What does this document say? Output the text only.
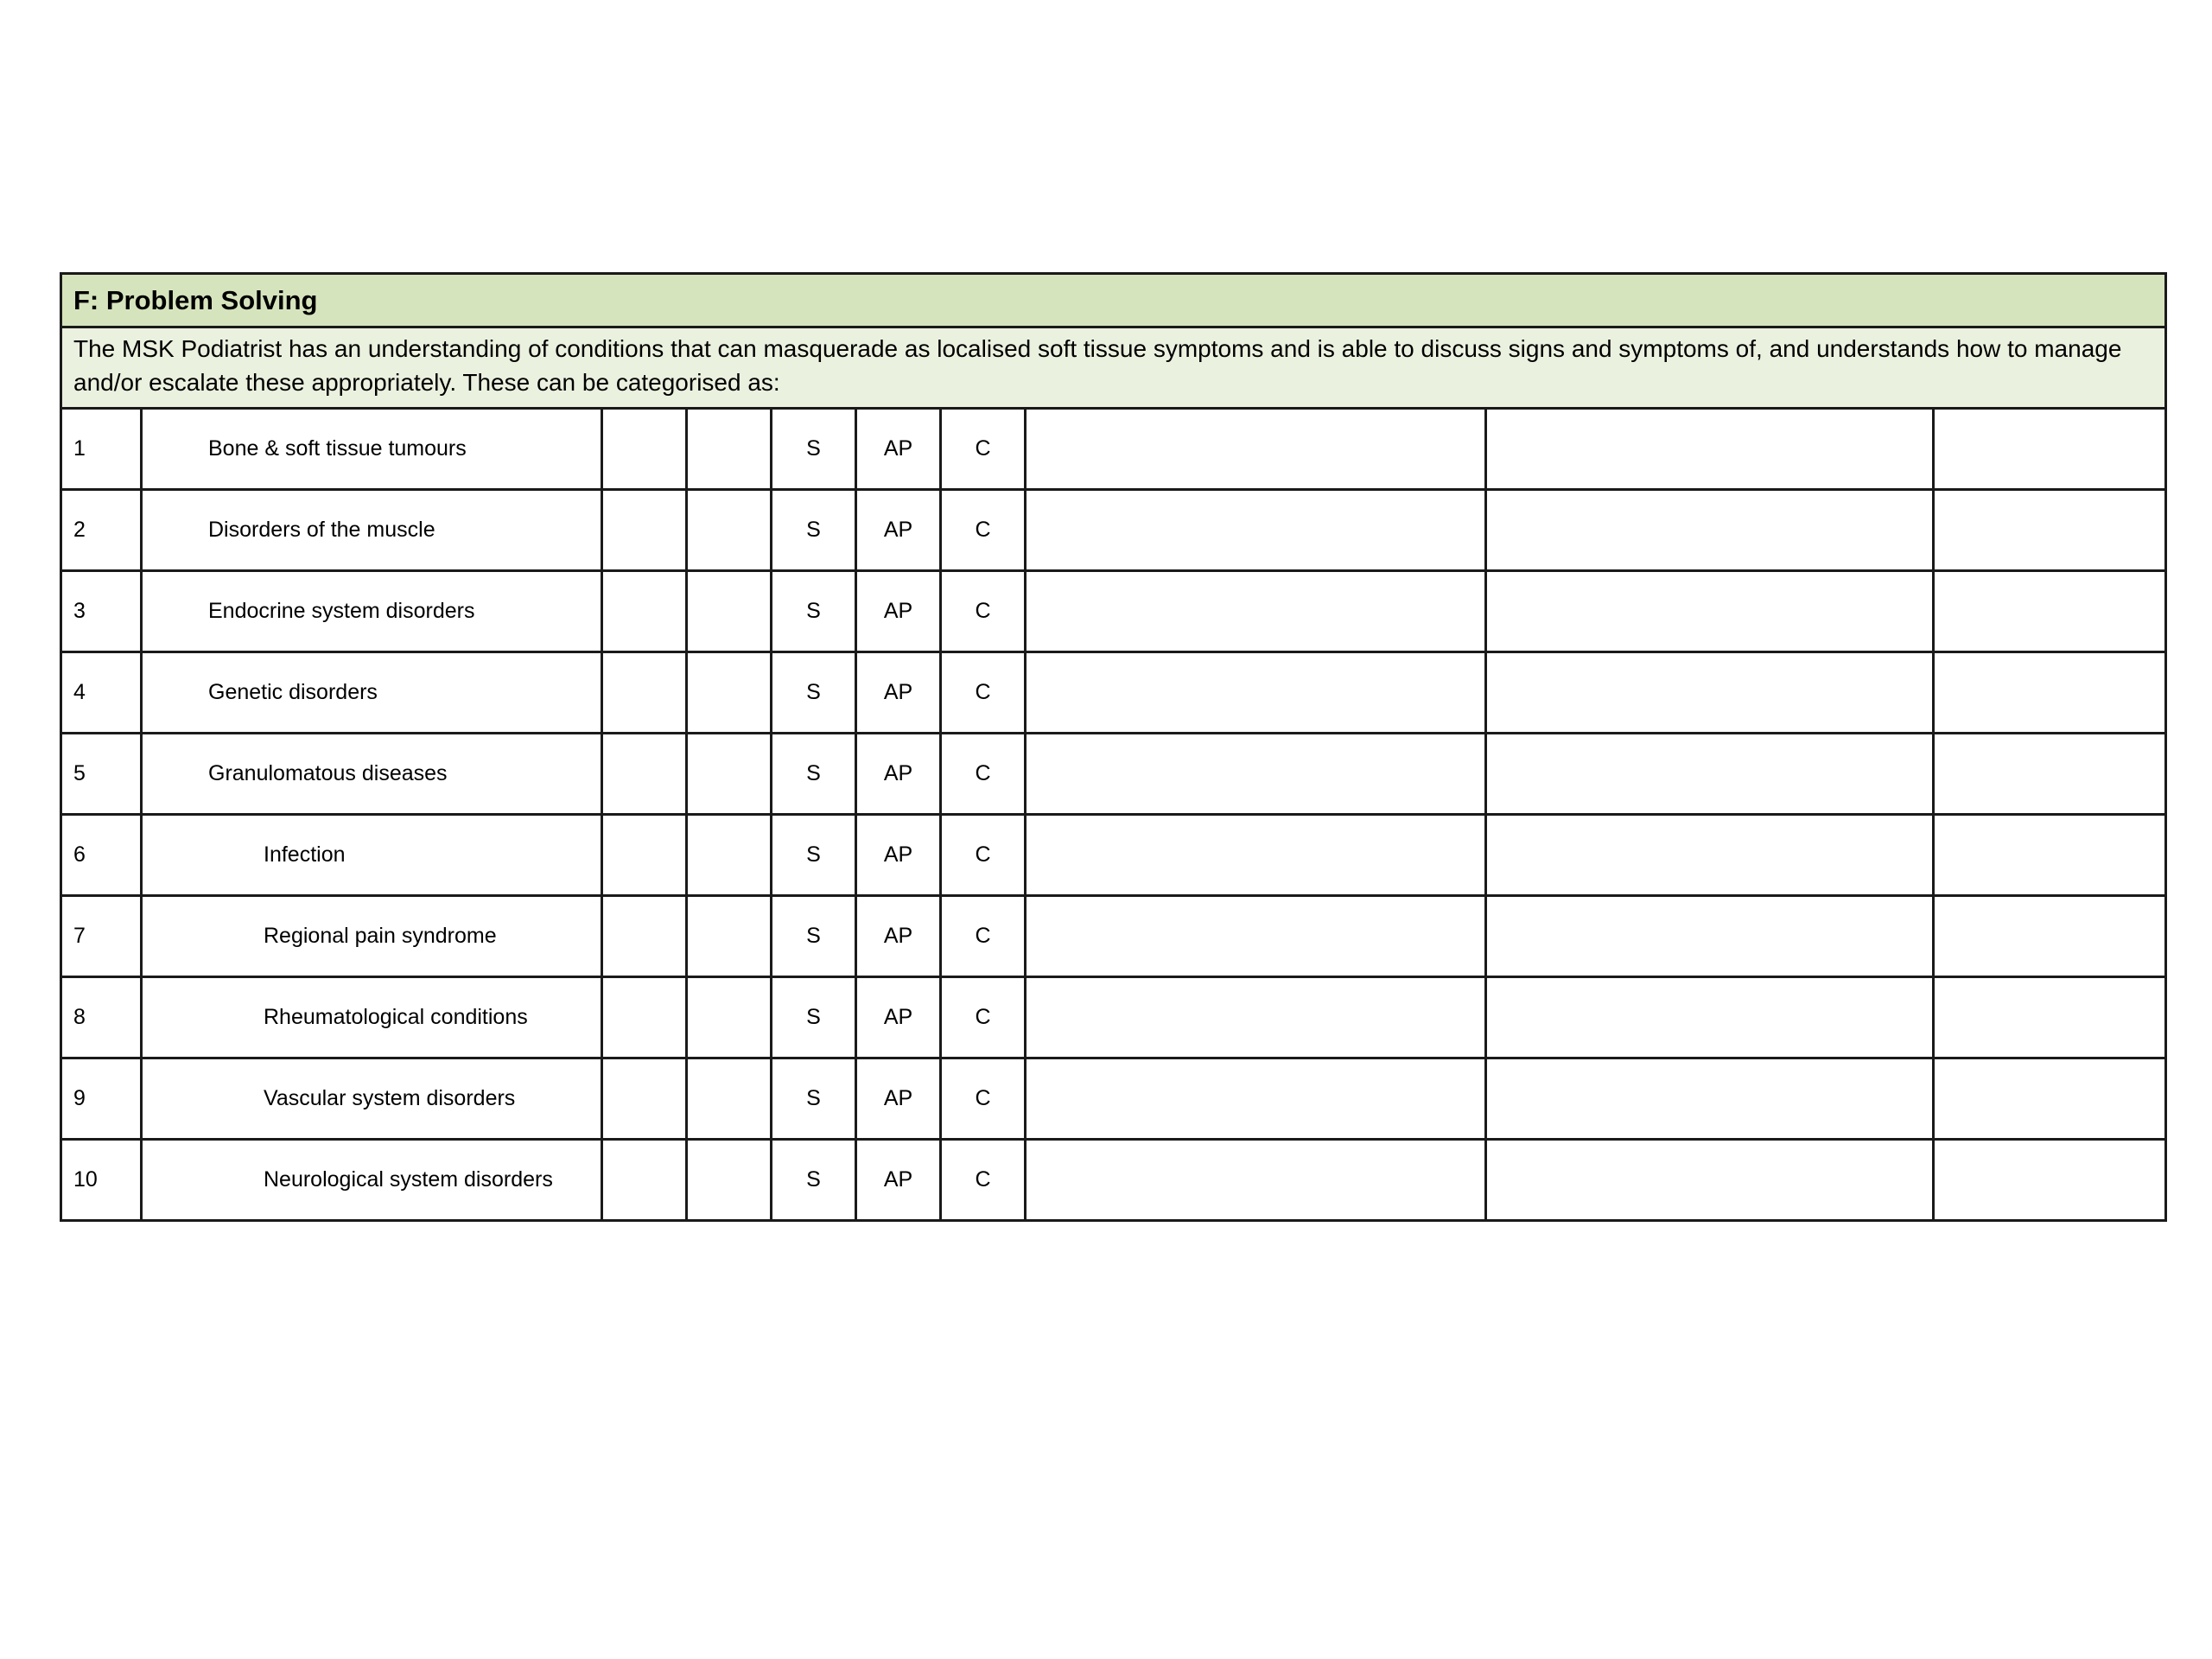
F: Problem Solving									
The MSK Podiatrist has an understanding of conditions that can masquerade as localised soft tissue symptoms and is able to discuss signs and symptoms of, and understands how to manage and/or escalate these appropriately. These can be categorised as:									
1	Bone & soft tissue tumours			S	AP	C			
2	Disorders of the muscle			S	AP	C			
3	Endocrine system disorders			S	AP	C			
4	Genetic disorders			S	AP	C			
5	Granulomatous diseases			S	AP	C			
6	Infection			S	AP	C			
7	Regional pain syndrome			S	AP	C			
8	Rheumatological conditions			S	AP	C			
9	Vascular system disorders			S	AP	C			
10	Neurological system disorders			S	AP	C			
